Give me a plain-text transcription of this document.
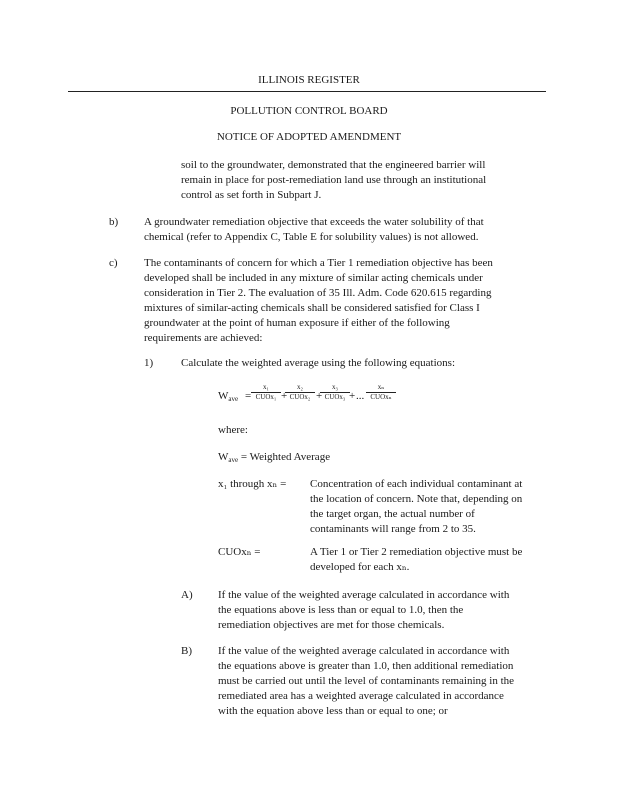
ILLINOIS REGISTER
POLLUTION CONTROL BOARD
NOTICE OF ADOPTED AMENDMENT
soil to the groundwater, demonstrated that the engineered barrier will
remain in place for post-remediation land use through an institutional
control as set forth in Subpart J.
b) A groundwater remediation objective that exceeds the water solubility of that
chemical (refer to Appendix C, Table E for solubility values) is not allowed.
c) The contaminants of concern for which a Tier 1 remediation objective has been
developed shall be included in any mixture of similar acting chemicals under
consideration in Tier 2. The evaluation of 35 Ill. Adm. Code 620.615 regarding
mixtures of similar-acting chemicals shall be considered satisfied for Class I
groundwater at the point of human exposure if either of the following
requirements are achieved:
1)	Calculate the weighted average using the following equations:
$W_{ave}$ =
x₁
CUOx₁ +
x₂
CUOx₂ +
x₃
CUOx₃ + ...
xₙ
CUOxₙ
where:
$W_{ave}$ = Weighted Average
x₁ through xₙ = Concentration of each individual contaminant at
the location of concern. Note that, depending on
the target organ, the actual number of
contaminants will range from 2 to 35.
CUOxₙ =	A Tier 1 or Tier 2 remediation objective must be
developed for each xₙ.
A) If the value of the weighted average calculated in accordance with
the equations above is less than or equal to 1.0, then the
remediation objectives are met for those chemicals.
B) If the value of the weighted average calculated in accordance with
the equations above is greater than 1.0, then additional remediation
must be carried out until the level of contaminants remaining in the
remediated area has a weighted average calculated in accordance
with the equation above less than or equal to one; or
